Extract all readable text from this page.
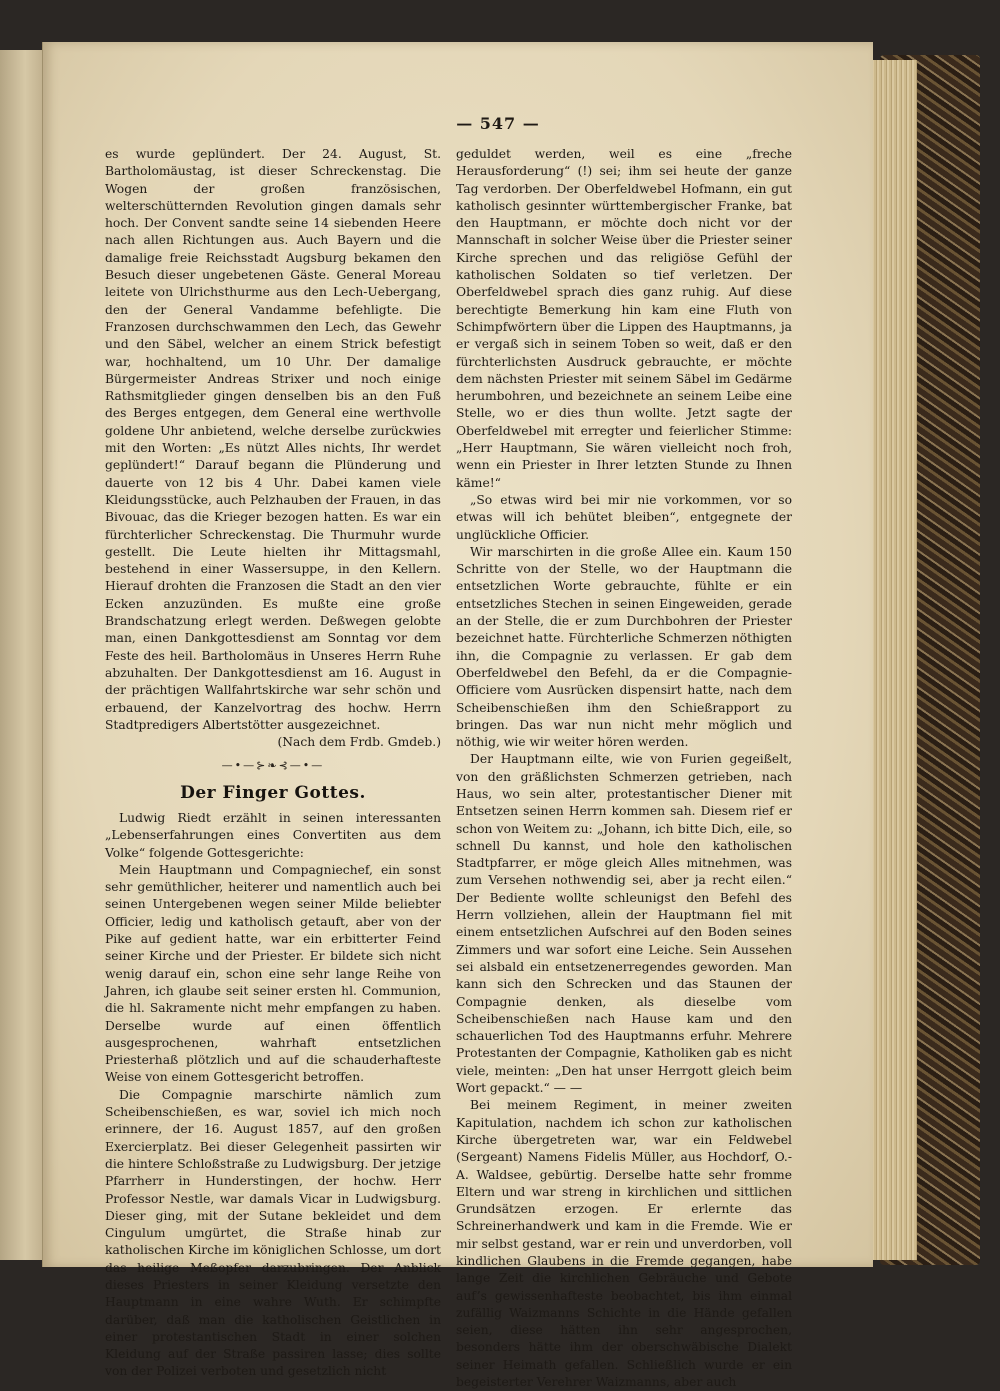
— 547 —

es wurde geplündert. Der 24. August, St. Bartholomäustag, ist dieser Schreckenstag. Die Wogen der großen französischen, welterschütternden Revolution gingen damals sehr hoch. Der Convent sandte seine 14 siebenden Heere nach allen Richtungen aus. Auch Bayern und die damalige freie Reichsstadt Augsburg bekamen den Besuch dieser ungebetenen Gäste. General Moreau leitete von Ulrichsthurme aus den Lech-Uebergang, den der General Vandamme befehligte. Die Franzosen durchschwammen den Lech, das Gewehr und den Säbel, welcher an einem Strick befestigt war, hochhaltend, um 10 Uhr. Der damalige Bürgermeister Andreas Strixer und noch einige Rathsmitglieder gingen denselben bis an den Fuß des Berges entgegen, dem General eine werthvolle goldene Uhr anbietend, welche derselbe zurückwies mit den Worten: „Es nützt Alles nichts, Ihr werdet geplündert!“ Darauf begann die Plünderung und dauerte von 12 bis 4 Uhr. Dabei kamen viele Kleidungsstücke, auch Pelzhauben der Frauen, in das Bivouac, das die Krieger bezogen hatten. Es war ein fürchterlicher Schreckenstag. Die Thurmuhr wurde gestellt. Die Leute hielten ihr Mittagsmahl, bestehend in einer Wassersuppe, in den Kellern. Hierauf drohten die Franzosen die Stadt an den vier Ecken anzuzünden. Es mußte eine große Brandschatzung erlegt werden. Deßwegen gelobte man, einen Dankgottesdienst am Sonntag vor dem Feste des heil. Bartholomäus in Unseres Herrn Ruhe abzuhalten. Der Dankgottesdienst am 16. August in der prächtigen Wallfahrtskirche war sehr schön und erbauend, der Kanzelvortrag des hochw. Herrn Stadtpredigers Albertstötter ausgezeichnet.

(Nach dem Frdb. Gmdeb.)

—•—⊱❧⊰—•—
Der Finger Gottes.

Ludwig Riedt erzählt in seinen interessanten „Lebenserfahrungen eines Convertiten aus dem Volke“ folgende Gottesgerichte:

Mein Hauptmann und Compagniechef, ein sonst sehr gemüthlicher, heiterer und namentlich auch bei seinen Untergebenen wegen seiner Milde beliebter Officier, ledig und katholisch getauft, aber von der Pike auf gedient hatte, war ein erbitterter Feind seiner Kirche und der Priester. Er bildete sich nicht wenig darauf ein, schon eine sehr lange Reihe von Jahren, ich glaube seit seiner ersten hl. Communion, die hl. Sakramente nicht mehr empfangen zu haben. Derselbe wurde auf einen öffentlich ausgesprochenen, wahrhaft entsetzlichen Priesterhaß plötzlich und auf die schauderhafteste Weise von einem Gottesgericht betroffen.

Die Compagnie marschirte nämlich zum Scheibenschießen, es war, soviel ich mich noch erinnere, der 16. August 1857, auf den großen Exercierplatz. Bei dieser Gelegenheit passirten wir die hintere Schloßstraße zu Ludwigsburg. Der jetzige Pfarrherr in Hunderstingen, der hochw. Herr Professor Nestle, war damals Vicar in Ludwigsburg. Dieser ging, mit der Sutane bekleidet und dem Cingulum umgürtet, die Straße hinab zur katholischen Kirche im königlichen Schlosse, um dort das heilige Meßopfer darzubringen. Der Anblick dieses Priesters in seiner Kleidung versetzte den Hauptmann in eine wahre Wuth. Er schimpfte darüber, daß man die katholischen Geistlichen in einer protestantischen Stadt in einer solchen Kleidung auf der Straße passiren lasse; dies sollte von der Polizei verboten und gesetzlich nicht

geduldet werden, weil es eine „freche Herausforderung“ (!) sei; ihm sei heute der ganze Tag verdorben. Der Oberfeldwebel Hofmann, ein gut katholisch gesinnter württembergischer Franke, bat den Hauptmann, er möchte doch nicht vor der Mannschaft in solcher Weise über die Priester seiner Kirche sprechen und das religiöse Gefühl der katholischen Soldaten so tief verletzen. Der Oberfeldwebel sprach dies ganz ruhig. Auf diese berechtigte Bemerkung hin kam eine Fluth von Schimpfwörtern über die Lippen des Hauptmanns, ja er vergaß sich in seinem Toben so weit, daß er den fürchterlichsten Ausdruck gebrauchte, er möchte dem nächsten Priester mit seinem Säbel im Gedärme herumbohren, und bezeichnete an seinem Leibe eine Stelle, wo er dies thun wollte. Jetzt sagte der Oberfeldwebel mit erregter und feierlicher Stimme: „Herr Hauptmann, Sie wären vielleicht noch froh, wenn ein Priester in Ihrer letzten Stunde zu Ihnen käme!“

„So etwas wird bei mir nie vorkommen, vor so etwas will ich behütet bleiben“, entgegnete der unglückliche Officier.

Wir marschirten in die große Allee ein. Kaum 150 Schritte von der Stelle, wo der Hauptmann die entsetzlichen Worte gebrauchte, fühlte er ein entsetzliches Stechen in seinen Eingeweiden, gerade an der Stelle, die er zum Durchbohren der Priester bezeichnet hatte. Fürchterliche Schmerzen nöthigten ihn, die Compagnie zu verlassen. Er gab dem Oberfeldwebel den Befehl, da er die Compagnie-Officiere vom Ausrücken dispensirt hatte, nach dem Scheibenschießen ihm den Schießrapport zu bringen. Das war nun nicht mehr möglich und nöthig, wie wir weiter hören werden.

Der Hauptmann eilte, wie von Furien gegeißelt, von den gräßlichsten Schmerzen getrieben, nach Haus, wo sein alter, protestantischer Diener mit Entsetzen seinen Herrn kommen sah. Diesem rief er schon von Weitem zu: „Johann, ich bitte Dich, eile, so schnell Du kannst, und hole den katholischen Stadtpfarrer, er möge gleich Alles mitnehmen, was zum Versehen nothwendig sei, aber ja recht eilen.“ Der Bediente wollte schleunigst den Befehl des Herrn vollziehen, allein der Hauptmann fiel mit einem entsetzlichen Aufschrei auf den Boden seines Zimmers und war sofort eine Leiche. Sein Aussehen sei alsbald ein entsetzenerregendes geworden. Man kann sich den Schrecken und das Staunen der Compagnie denken, als dieselbe vom Scheibenschießen nach Hause kam und den schauerlichen Tod des Hauptmanns erfuhr. Mehrere Protestanten der Compagnie, Katholiken gab es nicht viele, meinten: „Den hat unser Herrgott gleich beim Wort gepackt.“ — —

Bei meinem Regiment, in meiner zweiten Kapitulation, nachdem ich schon zur katholischen Kirche übergetreten war, war ein Feldwebel (Sergeant) Namens Fidelis Müller, aus Hochdorf, O.-A. Waldsee, gebürtig. Derselbe hatte sehr fromme Eltern und war streng in kirchlichen und sittlichen Grundsätzen erzogen. Er erlernte das Schreinerhandwerk und kam in die Fremde. Wie er mir selbst gestand, war er rein und unverdorben, voll kindlichen Glaubens in die Fremde gegangen, habe lange Zeit die kirchlichen Gebräuche und Gebote auf’s gewissenhafteste beobachtet, bis ihm einmal zufällig Waizmanns Schichte in die Hände gefallen seien, diese hätten ihn sehr angesprochen, besonders hätte ihm der oberschwäbische Dialekt seiner Heimath gefallen. Schließlich wurde er ein begeisterter Verehrer Waizmanns, aber auch
